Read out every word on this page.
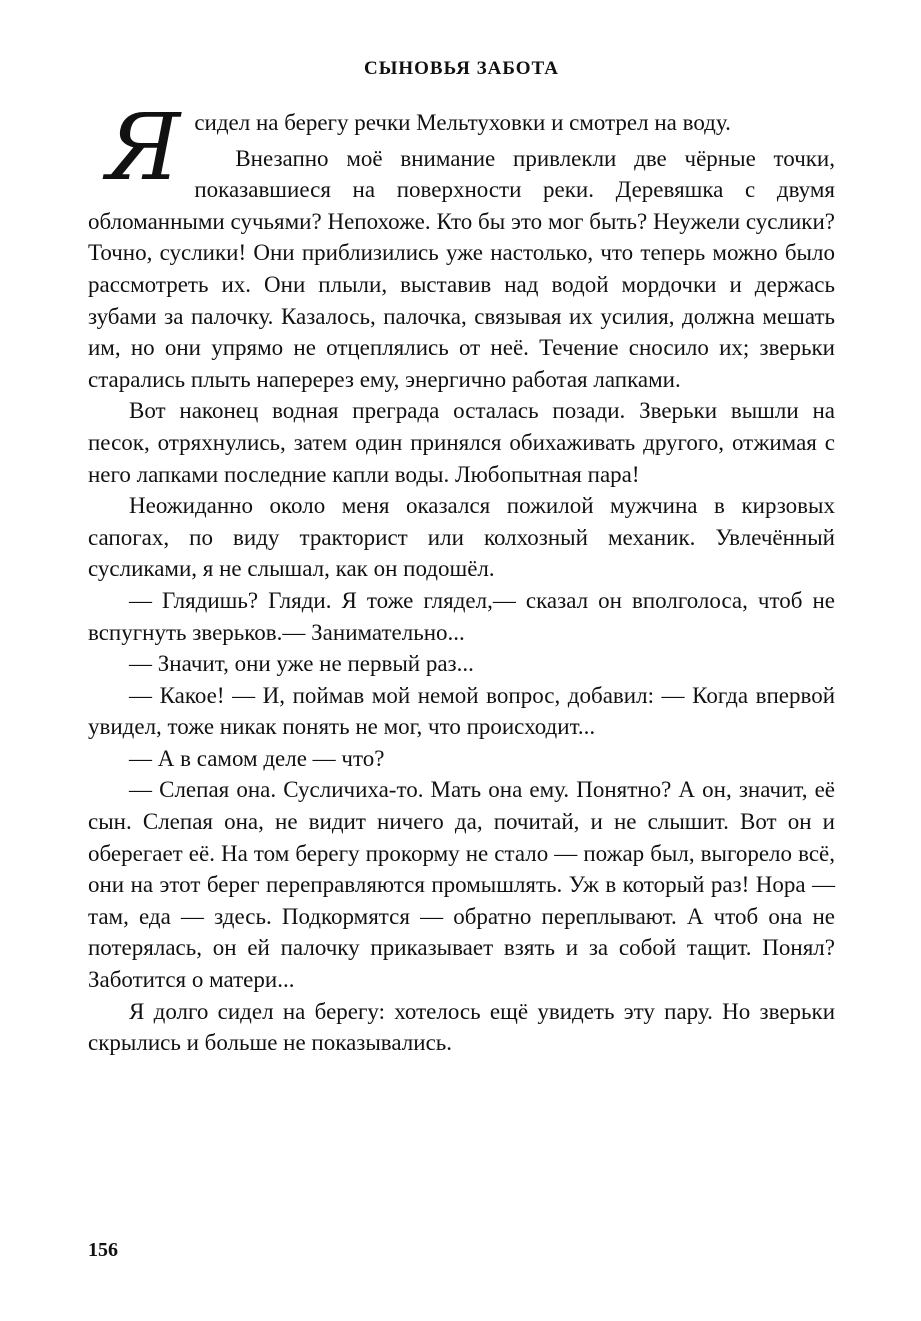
СЫНОВЬЯ ЗАБОТА

Ясидел на берегу речки Мельтуховки и смотрел на воду.

Внезапно моё внимание привлекли две чёрные точки, показавшиеся на поверхности реки. Деревяшка с двумя обломанными сучьями? Непохоже. Кто бы это мог быть? Неужели суслики? Точно, суслики! Они приблизились уже настолько, что теперь можно было рассмотреть их. Они плыли, выставив над водой мордочки и держась зубами за палочку. Казалось, палочка, связывая их усилия, должна мешать им, но они упрямо не отцеплялись от неё. Течение сносило их; зверьки старались плыть наперерез ему, энергично работая лапками.

Вот наконец водная преграда осталась позади. Зверьки вышли на песок, отряхнулись, затем один принялся обихаживать другого, отжимая с него лапками последние капли воды. Любопытная пара!

Неожиданно около меня оказался пожилой мужчина в кирзовых сапогах, по виду тракторист или колхозный механик. Увлечённый сусликами, я не слышал, как он подошёл.

— Глядишь? Гляди. Я тоже глядел,— сказал он вполголоса, чтоб не вспугнуть зверьков.— Занимательно...

— Значит, они уже не первый раз...

— Какое! — И, поймав мой немой вопрос, добавил: — Когда впервой увидел, тоже никак понять не мог, что происходит...

— А в самом деле — что?

— Слепая она. Сусличиха-то. Мать она ему. Понятно? А он, значит, её сын. Слепая она, не видит ничего да, почитай, и не слышит. Вот он и оберегает её. На том берегу прокорму не стало — пожар был, выгорело всё, они на этот берег переправляются промышлять. Уж в который раз! Нора — там, еда — здесь. Подкормятся — обратно переплывают. А чтоб она не потерялась, он ей палочку приказывает взять и за собой тащит. Понял? Заботится о матери...

Я долго сидел на берегу: хотелось ещё увидеть эту пару. Но зверьки скрылись и больше не показывались.

156
